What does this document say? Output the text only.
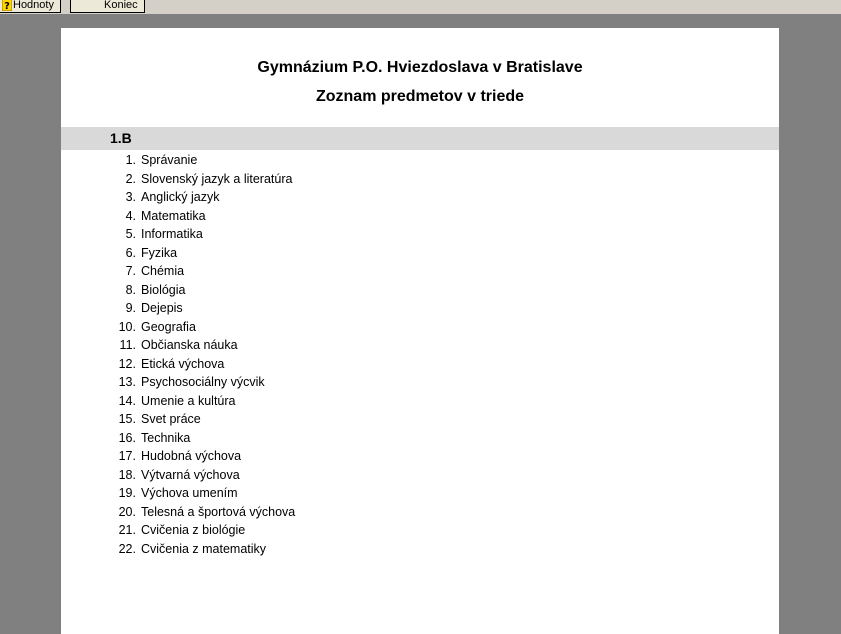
? Hodnoty	Koniec
Gymnázium P.O. Hviezdoslava v Bratislave
Zoznam predmetov v triede
1.B
1. Správanie
2. Slovenský jazyk a literatúra
3. Anglický jazyk
4. Matematika
5. Informatika
6. Fyzika
7. Chémia
8. Biológia
9. Dejepis
10. Geografia
11. Občianska náuka
12. Etická výchova
13. Psychosociálny výcvik
14. Umenie a kultúra
15. Svet práce
16. Technika
17. Hudobná výchova
18. Výtvarná výchova
19. Výchova umením
20. Telesná a športová výchova
21. Cvičenia z biológie
22. Cvičenia z matematiky
